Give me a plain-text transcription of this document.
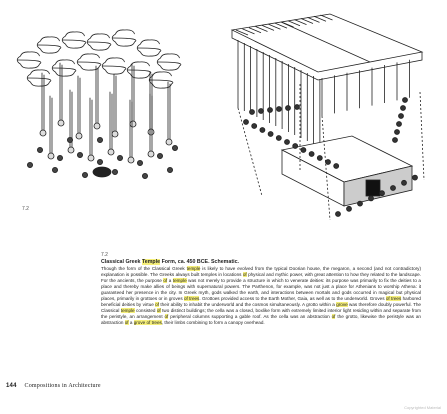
7.2
7.2
Classical Greek Temple Form, ca. 450 BCE. Schematic.
Though the form of the Classical Greek temple is likely to have evolved from the typical Doorian house, the megaron, a second (and not contradictory) explanation is possible. The Greeks always built temples in locations of physical and mythic power, with great attention to how they related to the landscape. For the ancients, the purpose of a temple was not merely to provide a structure in which to venerate deities: its purpose was primarily to fix the deities to a place and thereby make allies of beings with supernatural powers. The Parthenon, for example, was not just a place for Athenians to worship Athena: it guaranteed her presence in the city. In Greek myth, gods walked the earth, and interactions between mortals and gods occurred in magical but physical places, primarily in grottoes or in groves of trees. Grottoes provided access to the Earth Mother, Gaia, as well as to the underworld. Groves of trees harbored beneficial deities by virtue of their ability to inhabit the underworld and the cosmos simultaneously. A grotto within a grove was therefore doubly powerful. The Classical temple consisted of two distinct buildings; the cella was a closed, boxlike form with extremely limited interior light residing within and separate from the peristyle, an arrangement of peripheral columns supporting a gable roof. As the cella was an abstraction of the grotto, likewise the peristyle was an abstraction of a grove of trees, their limbs combining to form a canopy overhead.
144 Compositions in Architecture
Copyrighted Material
